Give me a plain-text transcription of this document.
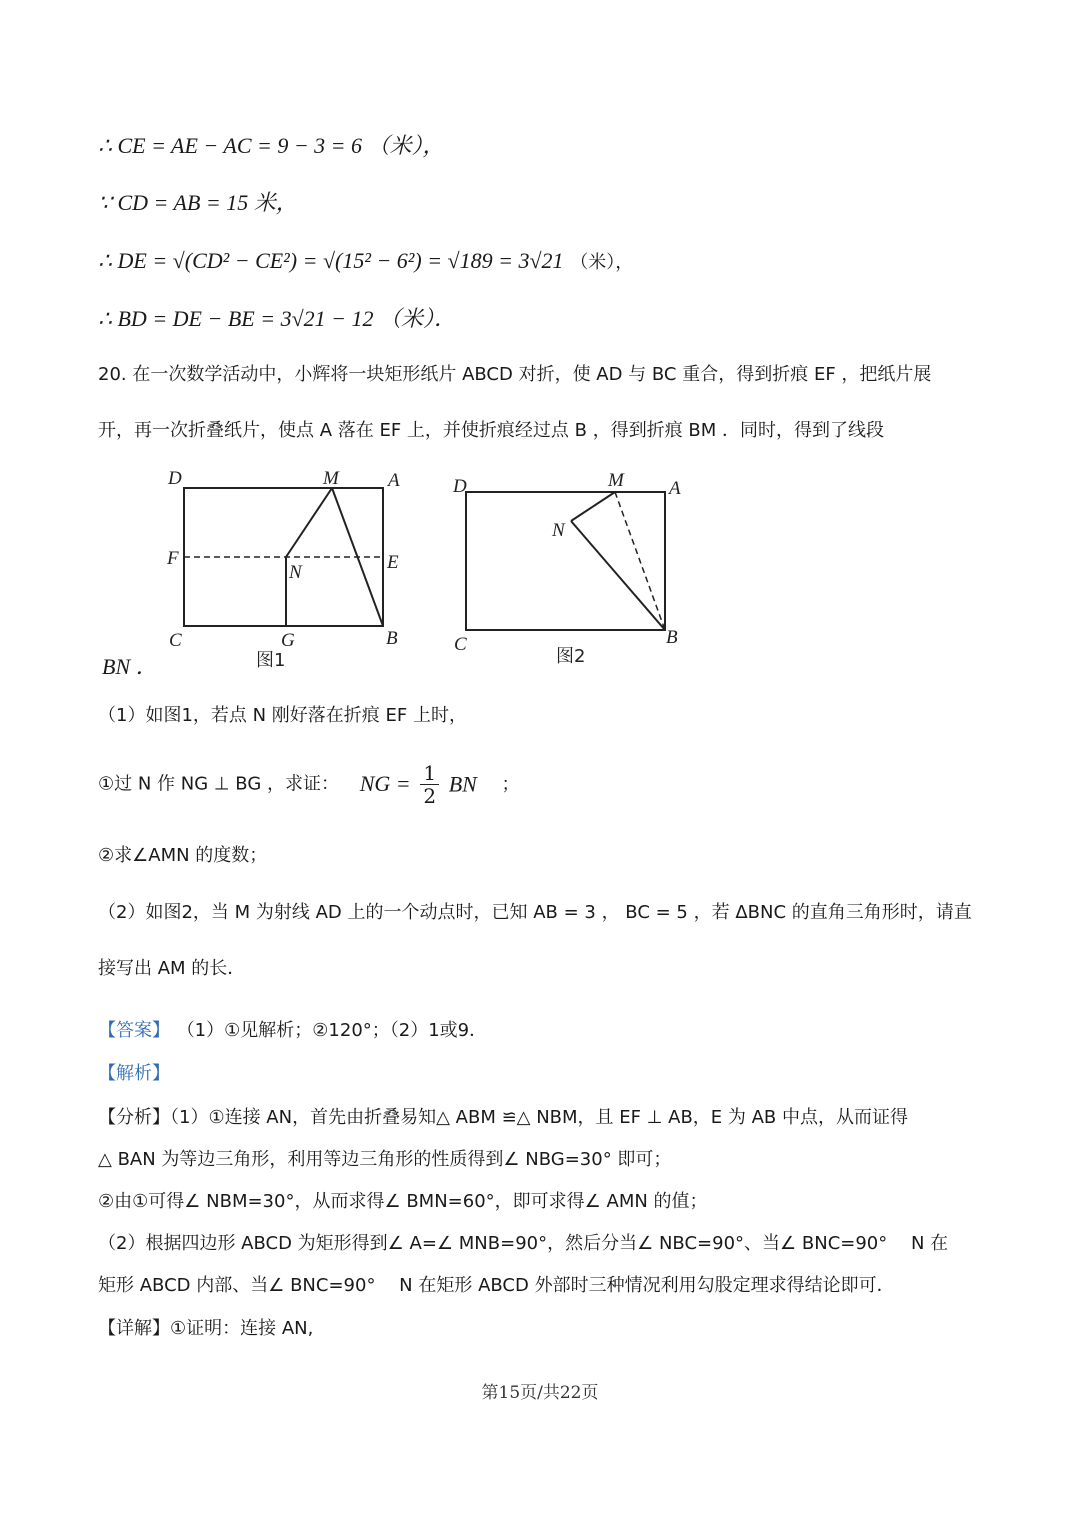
∴ CE = AE − AC = 9 − 3 = 6 （米），
∵ CD = AB = 15 米，
∴ DE = √(CD² − CE²) = √(15² − 6²) = √189 = 3√21 （米），
∴ BD = DE − BE = 3√21 − 12 （米）．
20. 在一次数学活动中，小辉将一块矩形纸片 ABCD 对折，使 AD 与 BC 重合，得到折痕 EF ，把纸片展
开，再一次折叠纸片，使点 A 落在 EF 上，并使折痕经过点 B ，得到折痕 BM ．同时，得到了线段
D	M	A
F	E
N
C	G	B
图1
D	M A
N
C	B
图2
BN ．
（1）如图1，若点 N 刚好落在折痕 EF 上时，
①过 N 作 NG ⊥ BG ，求证： NG = $\frac{1}{2}$ BN ；
②求∠AMN 的度数；
（2）如图2，当 M 为射线 AD 上的一个动点时，已知 AB = 3 ， BC = 5 ，若 ΔBNC 的直角三角形时，请直
接写出 AM 的长．
【答案】 （1）①见解析；②120°；（2）1或9．
【解析】
【分析】（1）①连接 AN，首先由折叠易知△ ABM ≌△ NBM，且 EF ⊥ AB，E 为 AB 中点，从而证得
△ BAN 为等边三角形，利用等边三角形的性质得到∠ NBG=30° 即可；
②由①可得∠ NBM=30°，从而求得∠ BMN=60°，即可求得∠ AMN 的值；
（2）根据四边形 ABCD 为矩形得到∠ A=∠ MNB=90°，然后分当∠ NBC=90°、当∠ BNC=90°　 N 在
矩形 ABCD 内部、当∠ BNC=90°　 N 在矩形 ABCD 外部时三种情况利用勾股定理求得结论即可．
【详解】①证明：连接 AN,
第15页/共22页
